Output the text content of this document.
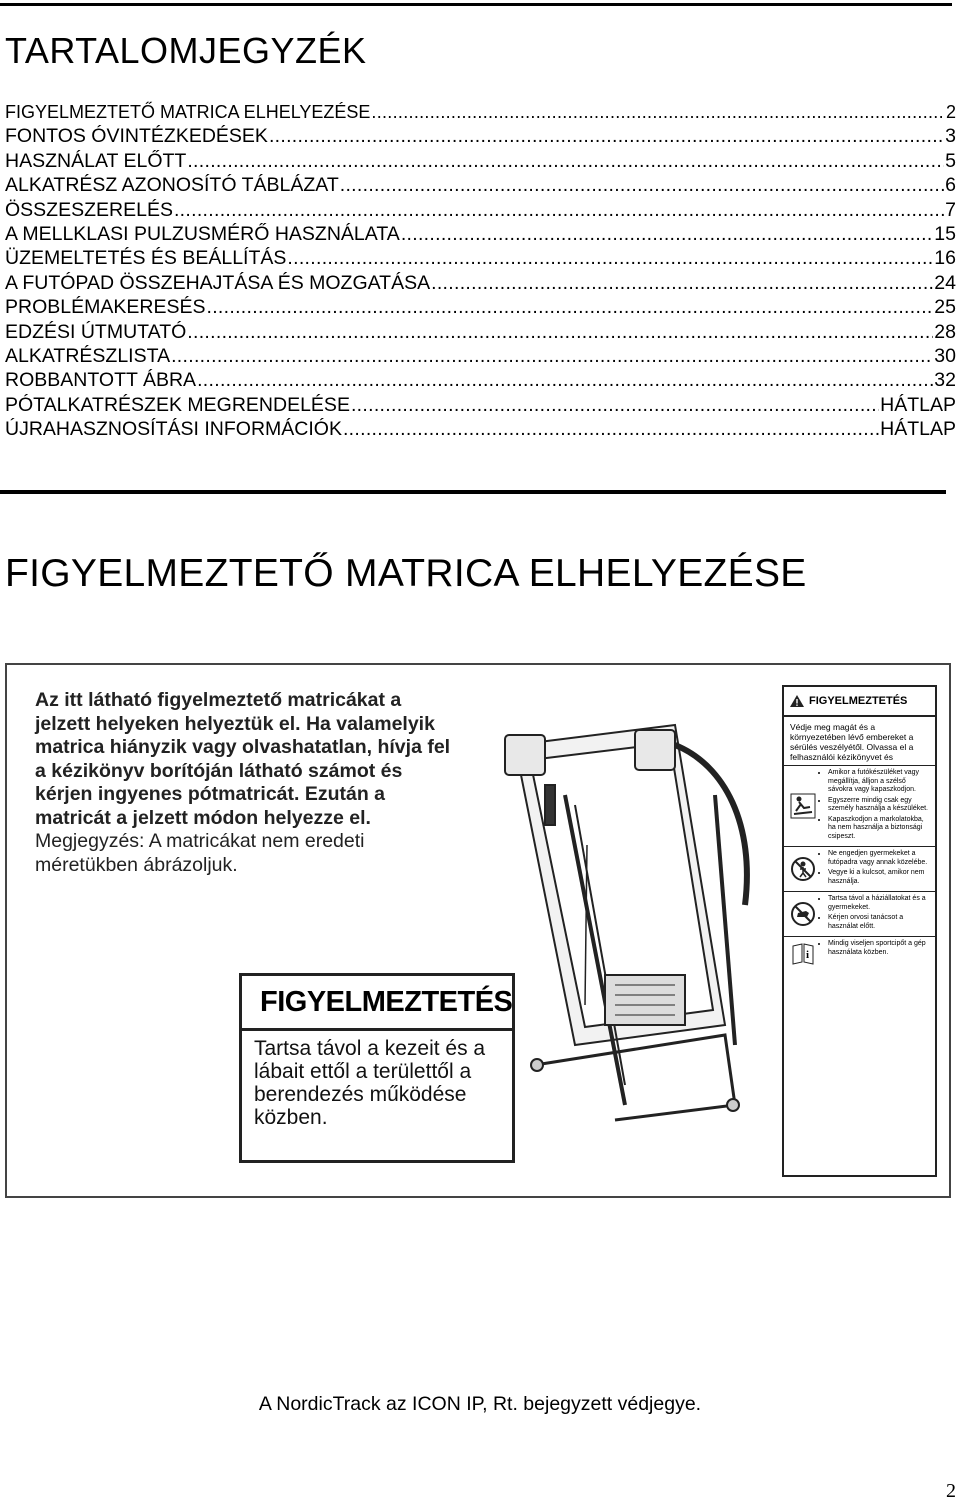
TARTALOMJEGYZÉK
FIGYELMEZTETŐ MATRICA ELHELYEZÉSE .....	2
FONTOS ÓVINTÉZKEDÉSEK .....	3
HASZNÁLAT ELŐTT .....	5
ALKATRÉSZ AZONOSÍTÓ TÁBLÁZAT .....	6
ÖSSZESZERELÉS .....	7
A MELLKLASI PULZUSMÉRŐ HASZNÁLATA .....	15
ÜZEMELTETÉS ÉS BEÁLLÍTÁS .....	16
A FUTÓPAD ÖSSZEHAJTÁSA ÉS MOZGATÁSA .....	24
PROBLÉMAKERESÉS .....	25
EDZÉSI ÚTMUTATÓ .....	28
ALKATRÉSZLISTA .....	30
ROBBANTOTT ÁBRA .....	32
PÓTALKATRÉSZEK MEGRENDELÉSE .....	HÁTLAP
ÚJRAHASZNOSÍTÁSI INFORMÁCIÓK .....	HÁTLAP
FIGYELMEZTETŐ MATRICA ELHELYEZÉSE

Az itt látható figyelmeztető matricákat a jelzett helyeken helyeztük el. Ha valamelyik matrica hiányzik vagy olvashatatlan, hívja fel a kézikönyv borítóján látható számot és kérjen ingyenes pótmatricát. Ezután a matricát a jelzett módon helyezze el. Megjegyzés: A matricákat nem eredeti méretükben ábrázoljuk.

FIGYELMEZTETÉS

Tartsa távol a kezeit és a lábait ettől a területtől a berendezés működése közben.

FIGYELMEZTETÉS

Védje meg magát és a környezetében lévő embereket a sérülés veszélyétől. Olvassa el a felhasználói kézikönyvet és

• Amikor a futókészüléket vagy megállítja, álljon a szélső sávokra vagy kapaszkodjon.
• Egyszerre mindig csak egy személy használja a készüléket.
• Kapaszkodjon a markolatokba, ha nem használja a biztonsági csipeszt.
• Ne engedjen gyermekeket a futópadra vagy annak közelébe.
• Vegye ki a kulcsot, amikor nem használja.
• Tartsa távol a háziállatokat és a gyermekeket.
• Kérjen orvosi tanácsot a használat előtt.
i
• Mindig viseljen sportcipőt a gép használata közben.

A NordicTrack az ICON IP, Rt. bejegyzett védjegye.

2
